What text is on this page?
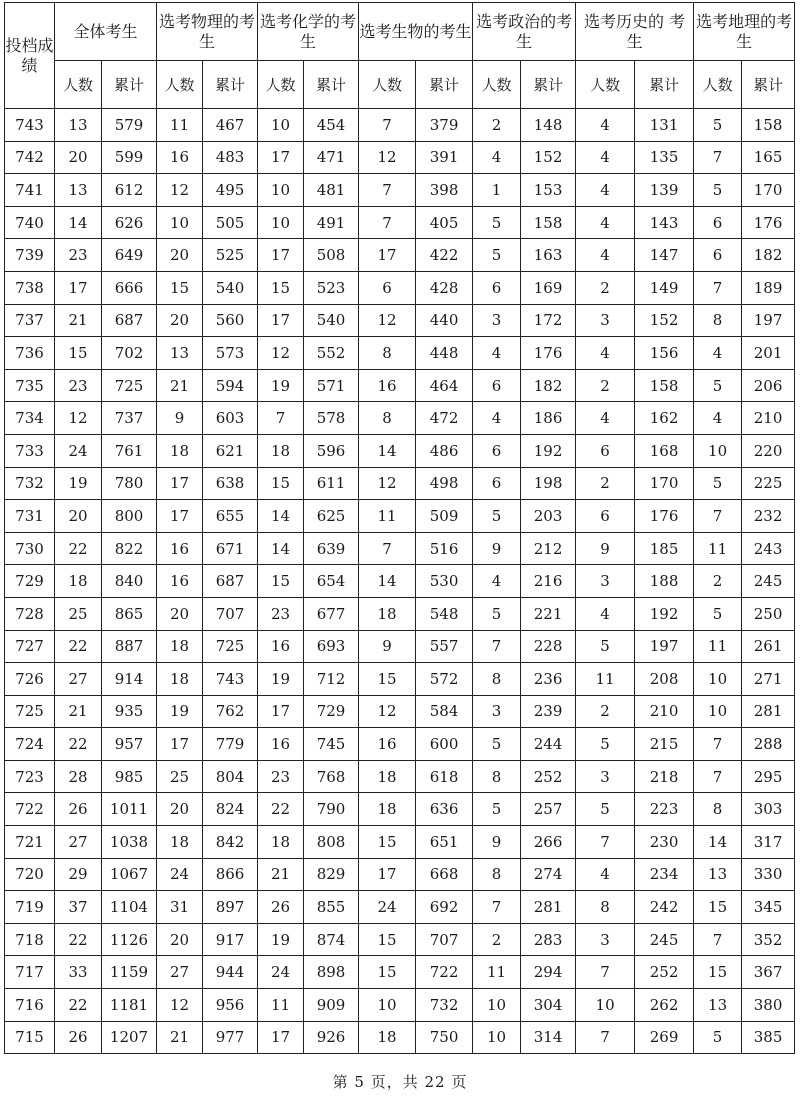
投档成绩	全体考生		选考物理的考生		选考化学的考生		选考生物的考生		选考政治的考生		选考历史的 考生		选考地理的考生	
	人数	累计	人数	累计	人数	累计	人数	累计	人数	累计	人数	累计	人数	累计
743	13	579	11	467	10	454	7	379	2	148	4	131	5	158
742	20	599	16	483	17	471	12	391	4	152	4	135	7	165
741	13	612	12	495	10	481	7	398	1	153	4	139	5	170
740	14	626	10	505	10	491	7	405	5	158	4	143	6	176
739	23	649	20	525	17	508	17	422	5	163	4	147	6	182
738	17	666	15	540	15	523	6	428	6	169	2	149	7	189
737	21	687	20	560	17	540	12	440	3	172	3	152	8	197
736	15	702	13	573	12	552	8	448	4	176	4	156	4	201
735	23	725	21	594	19	571	16	464	6	182	2	158	5	206
734	12	737	9	603	7	578	8	472	4	186	4	162	4	210
733	24	761	18	621	18	596	14	486	6	192	6	168	10	220
732	19	780	17	638	15	611	12	498	6	198	2	170	5	225
731	20	800	17	655	14	625	11	509	5	203	6	176	7	232
730	22	822	16	671	14	639	7	516	9	212	9	185	11	243
729	18	840	16	687	15	654	14	530	4	216	3	188	2	245
728	25	865	20	707	23	677	18	548	5	221	4	192	5	250
727	22	887	18	725	16	693	9	557	7	228	5	197	11	261
726	27	914	18	743	19	712	15	572	8	236	11	208	10	271
725	21	935	19	762	17	729	12	584	3	239	2	210	10	281
724	22	957	17	779	16	745	16	600	5	244	5	215	7	288
723	28	985	25	804	23	768	18	618	8	252	3	218	7	295
722	26	1011	20	824	22	790	18	636	5	257	5	223	8	303
721	27	1038	18	842	18	808	15	651	9	266	7	230	14	317
720	29	1067	24	866	21	829	17	668	8	274	4	234	13	330
719	37	1104	31	897	26	855	24	692	7	281	8	242	15	345
718	22	1126	20	917	19	874	15	707	2	283	3	245	7	352
717	33	1159	27	944	24	898	15	722	11	294	7	252	15	367
716	22	1181	12	956	11	909	10	732	10	304	10	262	13	380
715	26	1207	21	977	17	926	18	750	10	314	7	269	5	385
第 5 页，共 22 页
